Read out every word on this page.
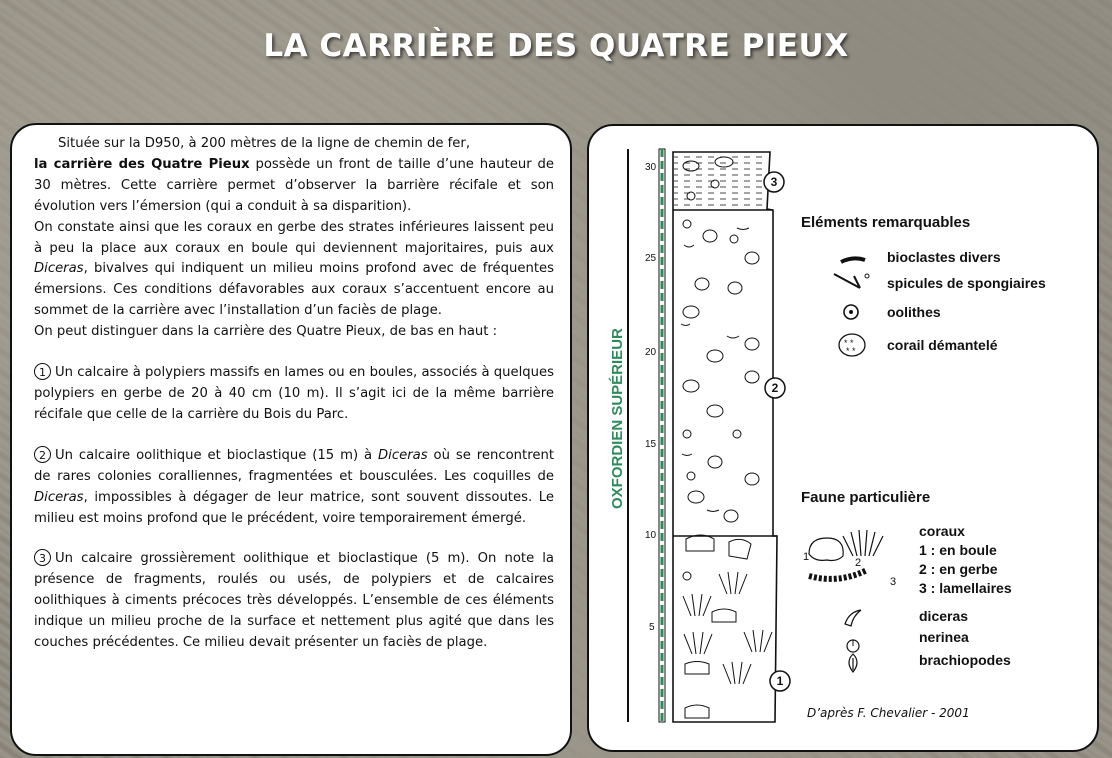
LA CARRIÈRE DES QUATRE PIEUX

Située sur la D950, à 200 mètres de la ligne de chemin de fer,
la carrière des Quatre Pieux possède un front de taille d’une hauteur de 30 mètres. Cette carrière permet d’observer la barrière récifale et son évolution vers l’émersion (qui a conduit à sa disparition).

On constate ainsi que les coraux en gerbe des strates inférieures laissent peu à peu la place aux coraux en boule qui deviennent majoritaires, puis aux Diceras, bivalves qui indiquent un milieu moins profond avec de fréquentes émersions. Ces conditions défavorables aux coraux s’accentuent encore au sommet de la carrière avec l’installation d’un faciès de plage.

On peut distinguer dans la carrière des Quatre Pieux, de bas en haut :

1 Un calcaire à polypiers massifs en lames ou en boules, associés à quelques polypiers en gerbe de 20 à 40 cm (10 m). Il s’agit ici de la même barrière récifale que celle de la carrière du Bois du Parc.

2 Un calcaire oolithique et bioclastique (15 m) à Diceras où se rencontrent de rares colonies coralliennes, fragmentées et bousculées. Les coquilles de Diceras, impossibles à dégager de leur matrice, sont souvent dissoutes. Le milieu est moins profond que le précédent, voire temporairement émergé.

3 Un calcaire grossièrement oolithique et bioclastique (5 m). On note la présence de fragments, roulés ou usés, de polypiers et de calcaires oolithiques à ciments précoces très développés. L’ensemble de ces éléments indique un milieu proche de la surface et nettement plus agité que dans les couches précédentes. Ce milieu devait présenter un faciès de plage.

OXFORDIEN SUPÉRIEUR
30
25
20
15
10
5
3
2
1
Eléments remarquables
bioclastes divers
spicules de spongiaires
oolithes
* *
* * corail démantelé
Faune particulière
1	2
3
coraux
1 : en boule
2 : en gerbe
3 : lamellaires
diceras
nerinea
brachiopodes
D’après F. Chevalier - 2001
